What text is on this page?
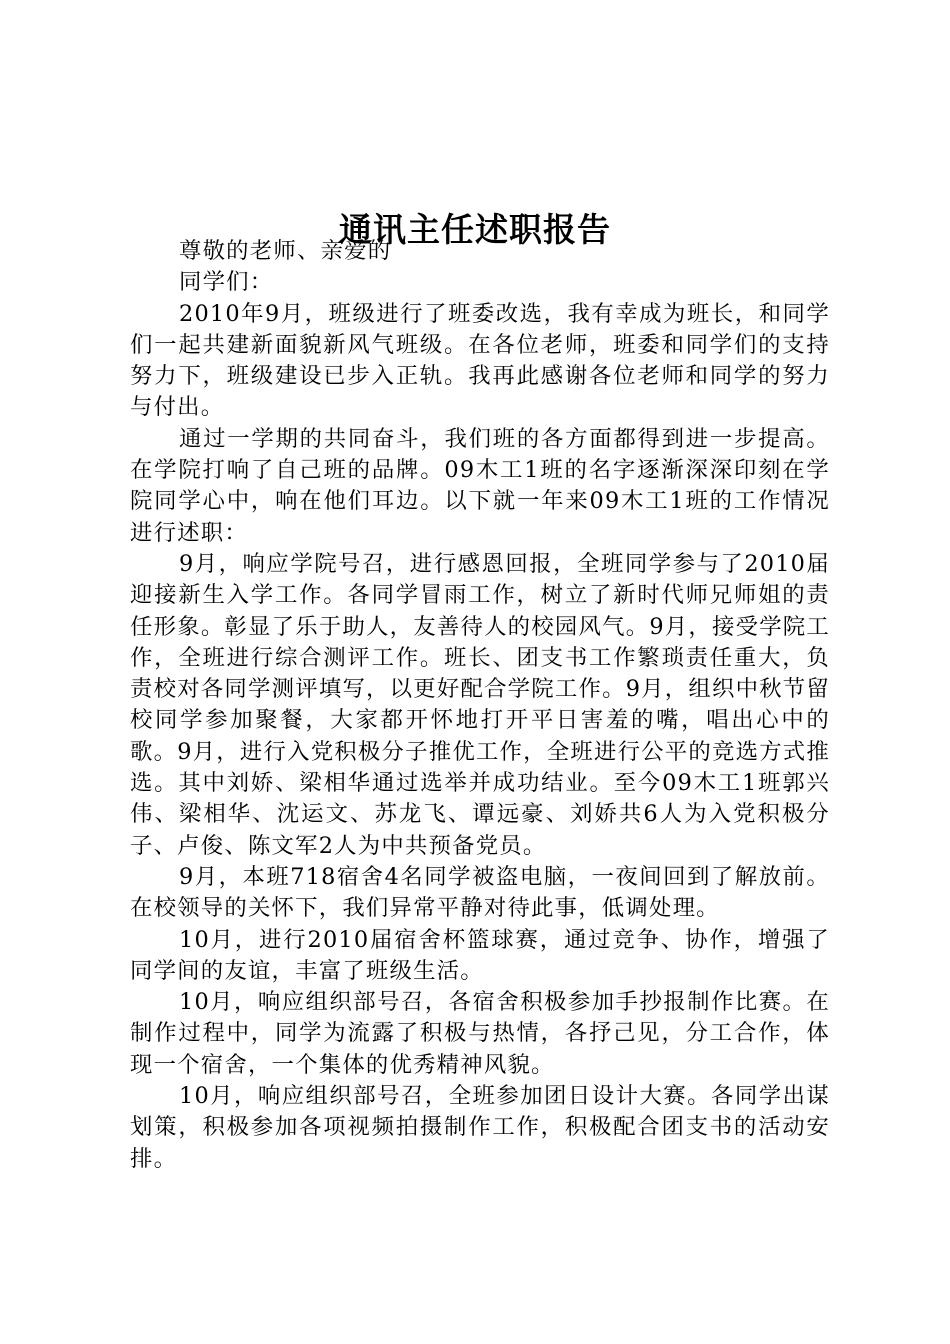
通讯主任述职报告

尊敬的老师、亲爱的

同学们：

2010年9月，班级进行了班委改选，我有幸成为班长，和同学们一起共建新面貌新风气班级。在各位老师，班委和同学们的支持努力下，班级建设已步入正轨。我再此感谢各位老师和同学的努力与付出。

通过一学期的共同奋斗，我们班的各方面都得到进一步提高。在学院打响了自己班的品牌。09木工1班的名字逐渐深深印刻在学院同学心中，响在他们耳边。以下就一年来09木工1班的工作情况进行述职：

9月，响应学院号召，进行感恩回报，全班同学参与了2010届迎接新生入学工作。各同学冒雨工作，树立了新时代师兄师姐的责任形象。彰显了乐于助人，友善待人的校园风气。9月，接受学院工作，全班进行综合测评工作。班长、团支书工作繁琐责任重大，负责校对各同学测评填写，以更好配合学院工作。9月，组织中秋节留校同学参加聚餐，大家都开怀地打开平日害羞的嘴，唱出心中的歌。9月，进行入党积极分子推优工作，全班进行公平的竞选方式推选。其中刘娇、梁相华通过选举并成功结业。至今09木工1班郭兴伟、梁相华、沈运文、苏龙飞、谭远豪、刘娇共6人为入党积极分子、卢俊、陈文军2人为中共预备党员。

9月，本班718宿舍4名同学被盗电脑，一夜间回到了解放前。在校领导的关怀下，我们异常平静对待此事，低调处理。

10月，进行2010届宿舍杯篮球赛，通过竞争、协作，增强了同学间的友谊，丰富了班级生活。

10月，响应组织部号召，各宿舍积极参加手抄报制作比赛。在制作过程中，同学为流露了积极与热情，各抒己见，分工合作，体现一个宿舍，一个集体的优秀精神风貌。

10月，响应组织部号召，全班参加团日设计大赛。各同学出谋划策，积极参加各项视频拍摄制作工作，积极配合团支书的活动安排。
